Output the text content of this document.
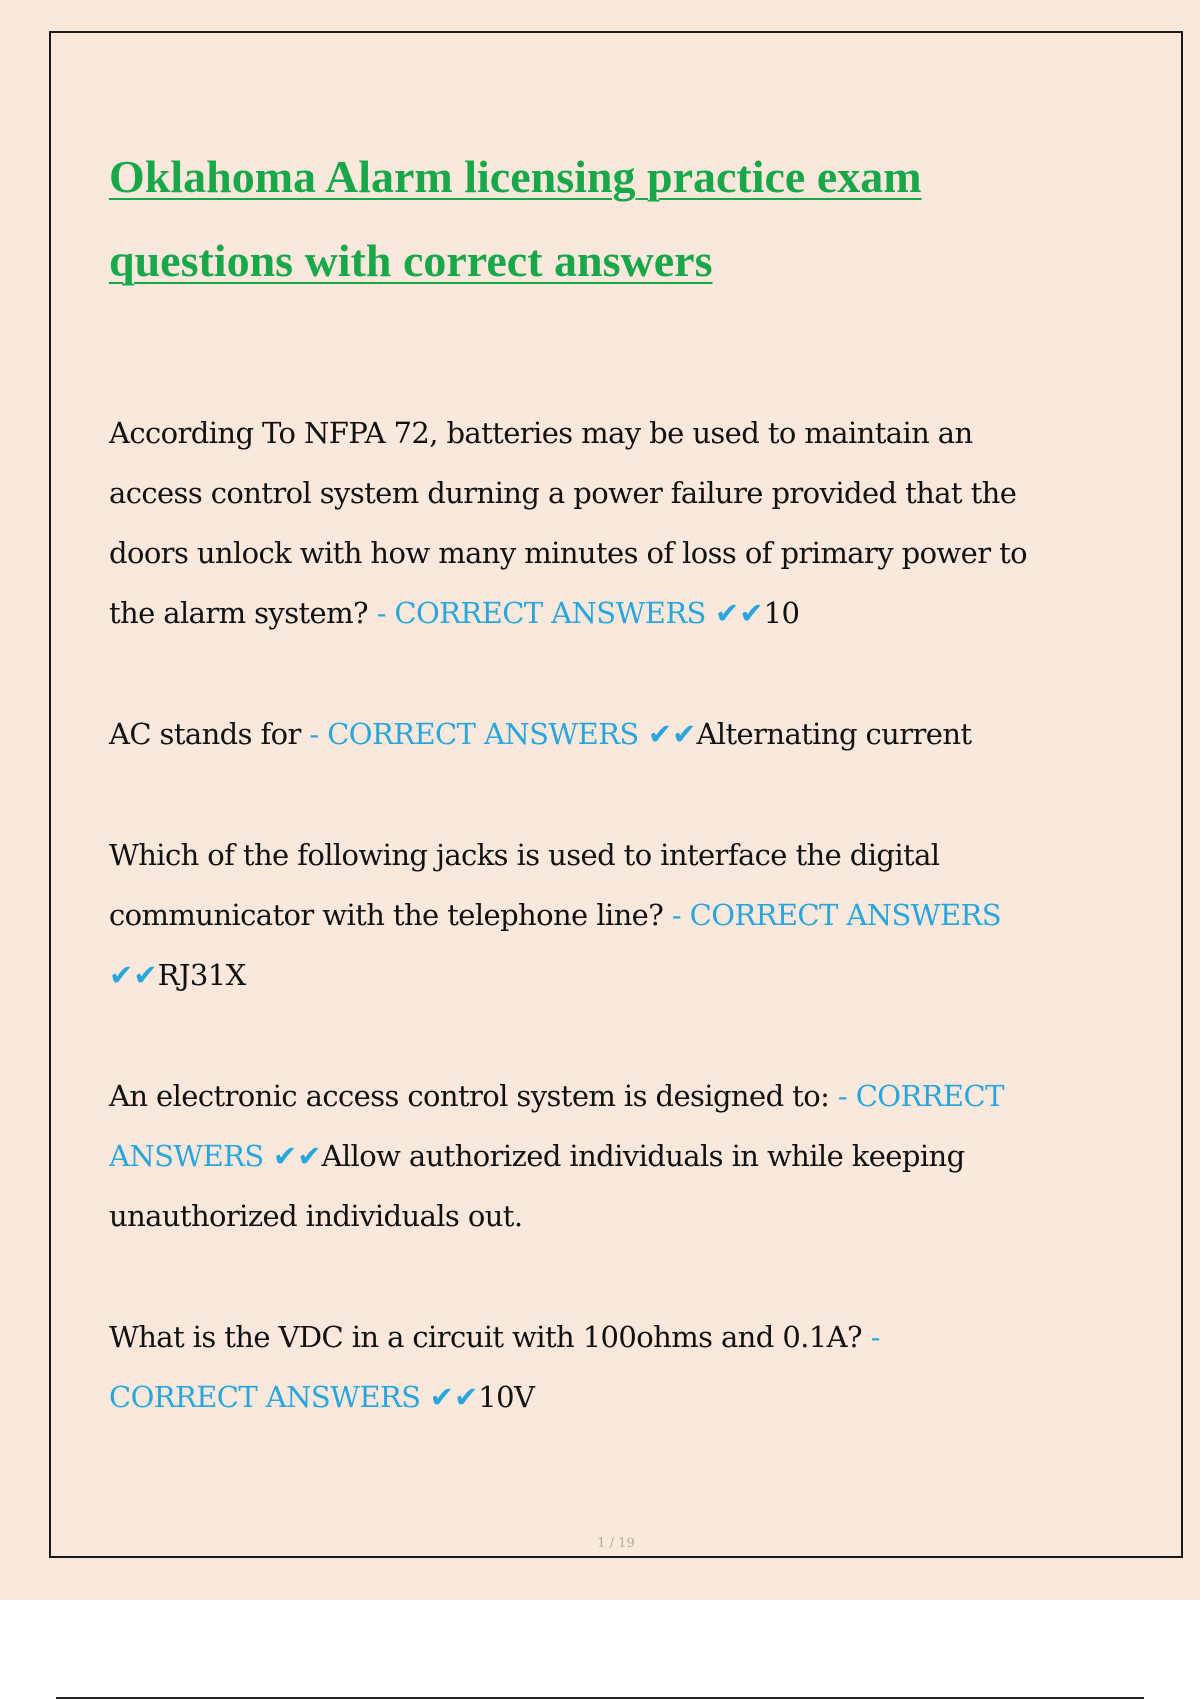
Oklahoma Alarm licensing practice exam questions with correct answers

According To NFPA 72, batteries may be used to maintain an access control system durning a power failure provided that the doors unlock with how many minutes of loss of primary power to the alarm system? - CORRECT ANSWERS ✔✔10

AC stands for - CORRECT ANSWERS ✔✔Alternating current

Which of the following jacks is used to interface the digital communicator with the telephone line? - CORRECT ANSWERS ✔✔RJ31X

An electronic access control system is designed to: - CORRECT ANSWERS ✔✔Allow authorized individuals in while keeping unauthorized individuals out.

What is the VDC in a circuit with 100ohms and 0.1A? - CORRECT ANSWERS ✔✔10V

1 / 19
